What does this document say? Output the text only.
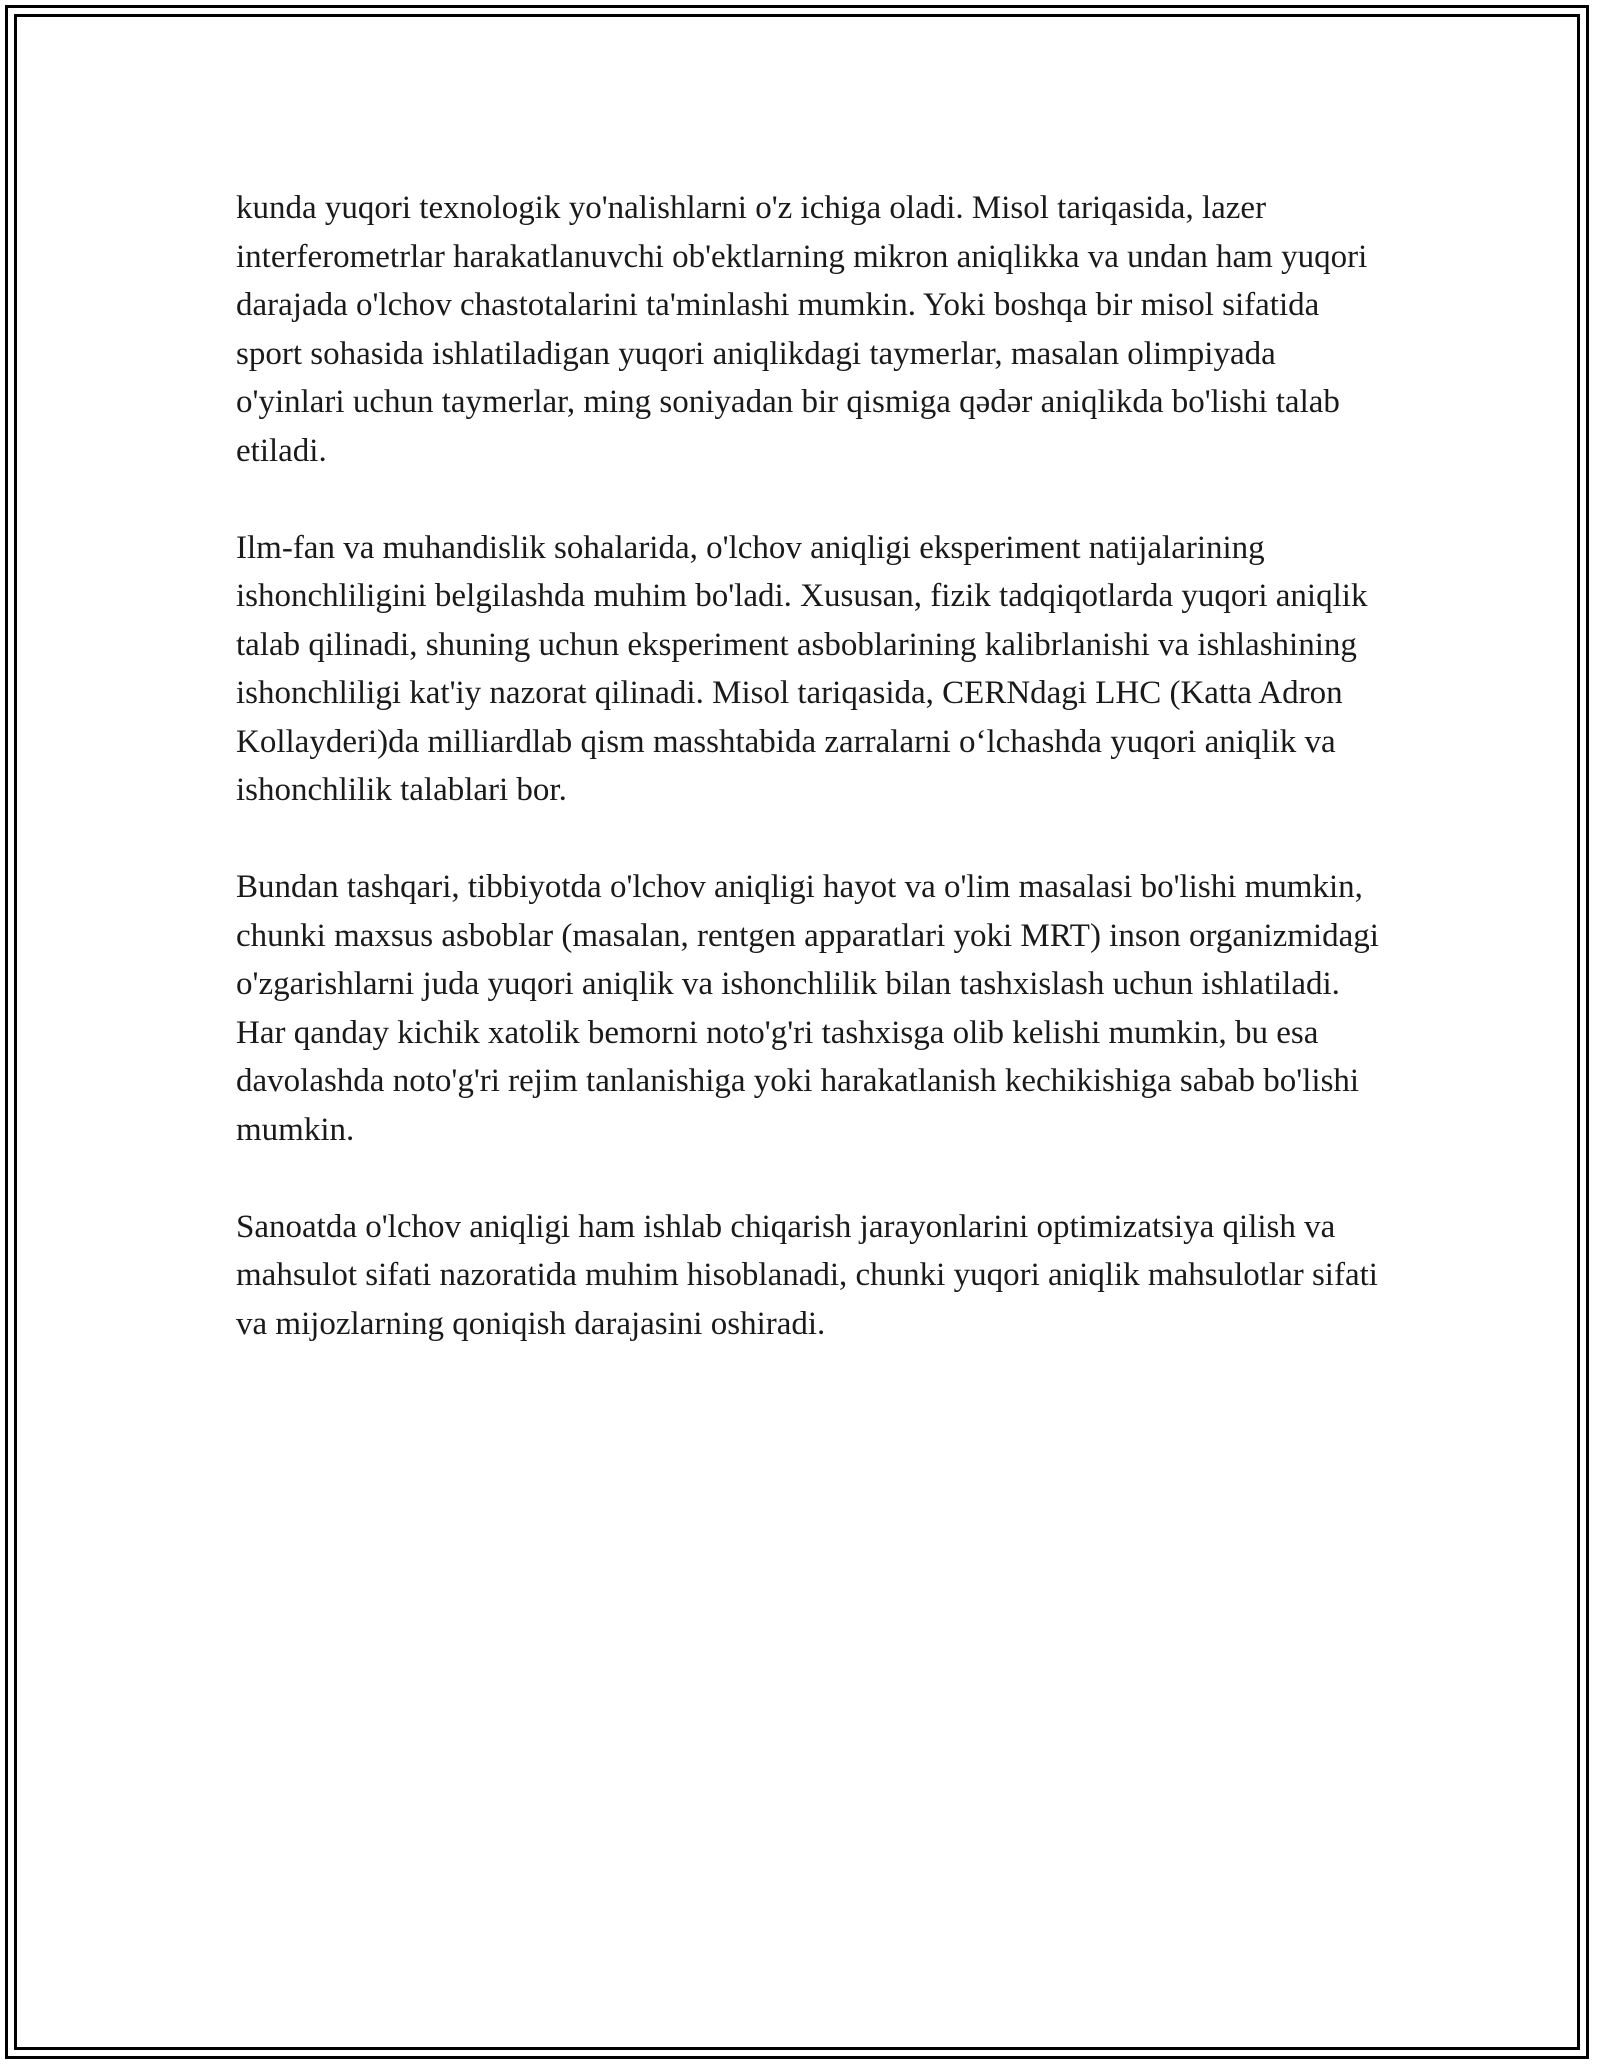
kunda yuqori texnologik yo'nalishlarni o'z ichiga oladi. Misol tariqasida, lazer interferometrlar harakatlanuvchi ob'ektlarning mikron aniqlikka va undan ham yuqori darajada o'lchov chastotalarini ta'minlashi mumkin. Yoki boshqa bir misol sifatida sport sohasida ishlatiladigan yuqori aniqlikdagi taymerlar, masalan olimpiyada o'yinlari uchun taymerlar, ming soniyadan bir qismiga qədər aniqlikda bo'lishi talab etiladi.

Ilm-fan va muhandislik sohalarida, o'lchov aniqligi eksperiment natijalarining ishonchliligini belgilashda muhim bo'ladi. Xususan, fizik tadqiqotlarda yuqori aniqlik talab qilinadi, shuning uchun eksperiment asboblarining kalibrlanishi va ishlashining ishonchliligi kat'iy nazorat qilinadi. Misol tariqasida, CERNdagi LHC (Katta Adron Kollayderi)da milliardlab qism masshtabida zarralarni o‘lchashda yuqori aniqlik va ishonchlilik talablari bor.

Bundan tashqari, tibbiyotda o'lchov aniqligi hayot va o'lim masalasi bo'lishi mumkin, chunki maxsus asboblar (masalan, rentgen apparatlari yoki MRT) inson organizmidagi o'zgarishlarni juda yuqori aniqlik va ishonchlilik bilan tashxislash uchun ishlatiladi. Har qanday kichik xatolik bemorni noto'g'ri tashxisga olib kelishi mumkin, bu esa davolashda noto'g'ri rejim tanlanishiga yoki harakatlanish kechikishiga sabab bo'lishi mumkin.

Sanoatda o'lchov aniqligi ham ishlab chiqarish jarayonlarini optimizatsiya qilish va mahsulot sifati nazoratida muhim hisoblanadi, chunki yuqori aniqlik mahsulotlar sifati va mijozlarning qoniqish darajasini oshiradi.
